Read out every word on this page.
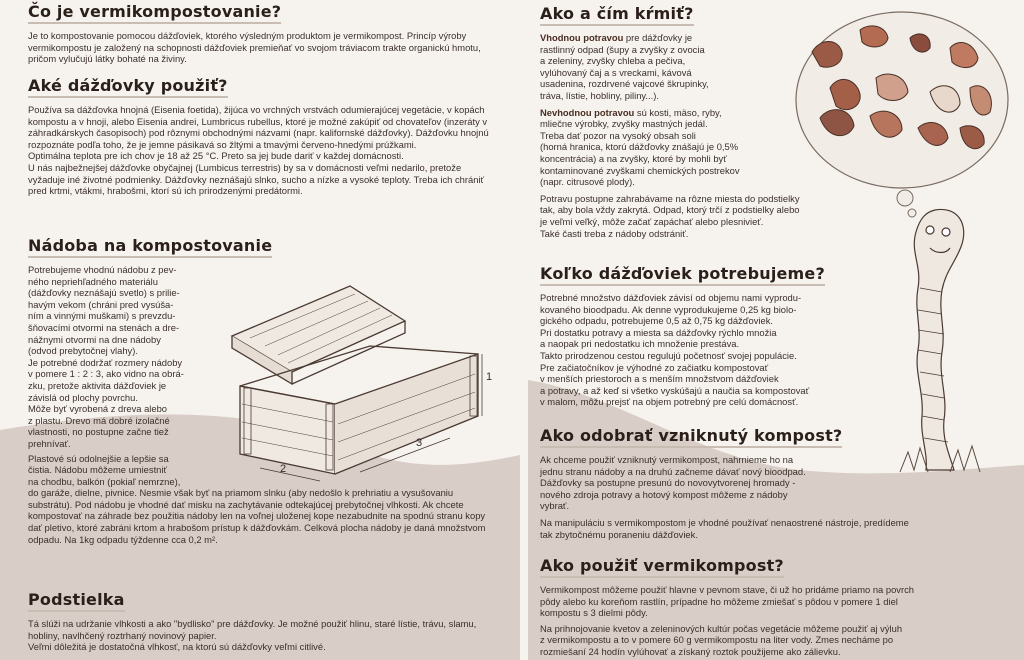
Čo je vermikompostovanie?

Je to kompostovanie pomocou dážďoviek, ktorého výsledným produktom je vermikompost. Princíp výroby vermikompostu je založený na schopnosti dážďoviek premieňať vo svojom tráviacom trakte organickú hmotu, pričom vylučujú látky bohaté na živiny.

Aké dážďovky použiť?

Používa sa dážďovka hnojná (Eisenia foetida), žijúca vo vrchných vrstvách odumierajúcej vegetácie, v kopách kompostu a v hnoji, alebo Eisenia andrei, Lumbricus rubellus, ktoré je možné zakúpiť od chovateľov (inzeráty v záhradkárskych časopisoch) pod rôznymi obchodnými názvami (napr. kalifornské dážďovky). Dážďovku hnojnú rozpoznáte podľa toho, že je jemne pásikavá so žltými a tmavými červeno-hnedými prúžkami.

Optimálna teplota pre ich chov je 18 až 25 °C. Preto sa jej bude dariť v každej domácnosti.

U nás najbežnejšej dážďovke obyčajnej (Lumbicus terrestris) by sa v domácnosti veľmi nedarilo, pretože vyžaduje iné životné podmienky. Dážďovky neznášajú slnko, sucho a nízke a vysoké teploty. Treba ich chrániť pred krtmi, vtákmi, hrabošmi, ktorí sú ich prirodzenými predátormi.

Nádoba na kompostovanie

Potrebujeme vhodnú nádobu z pev-

ného nepriehľadného materiálu

(dážďovky neznášajú svetlo) s prilie-

havým vekom (chráni pred vysúša-

ním a vinnými muškami) s prevzdu-

šňovacími otvormi na stenách a dre-

nážnymi otvormi na dne nádoby

(odvod prebytočnej vlahy).

Je potrebné dodržať rozmery nádoby

v pomere 1 : 2 : 3, ako vidno na obrá-

zku, pretože aktivita dážďoviek je

závislá od plochy povrchu.

Môže byť vyrobená z dreva alebo

z plastu. Drevo má dobré izolačné

vlastnosti, no postupne začne tiež

prehnívať.

Plastové sú odolnejšie a lepšie sa

čistia. Nádobu môžeme umiestniť

na chodbu, balkón (pokiaľ nemrzne),

do garáže, dielne, pivnice. Nesmie však byť na priamom slnku (aby nedošlo k prehriatiu a vysušovaniu substrátu). Pod nádobu je vhodné dať misku na zachytávanie odtekajúcej prebytočnej vlhkosti. Ak chcete kompostovať na záhrade bez použitia nádoby len na voľnej uloženej kope nezabudnite na spodnú stranu kopy dať pletivo, ktoré zabráni krtom a hrabošom prístup k dážďovkám. Celková plocha nádoby je daná množstvom odpadu. Na 1kg odpadu týždenne cca 0,2 m².

1
2
3
Podstielka

Tá slúži na udržanie vlhkosti a ako "bydlisko" pre dážďovky. Je možné použiť hlinu, staré lístie, trávu, slamu, hobliny, navlhčený roztrhaný novinový papier.

Veľmi dôležitá je dostatočná vlhkosť, na ktorú sú dážďovky veľmi citlivé.

Ako a čím kŕmiť?

Vhodnou potravou pre dážďovky je

rastlinný odpad (šupy a zvyšky z ovocia

a zeleniny, zvyšky chleba a pečiva,

vylúhovaný čaj a s vreckami, kávová

usadenina, rozdrvené vajcové škrupinky,

tráva, lístie, hobliny, piliny...).

Nevhodnou potravou sú kosti, mäso, ryby,

mliečne výrobky, zvyšky mastných jedál.

Treba dať pozor na vysoký obsah soli

(horná hranica, ktorú dážďovky znášajú je 0,5%

koncentrácia) a na zvyšky, ktoré by mohli byť

kontaminované zvyškami chemických postrekov

(napr. citrusové plody).

Potravu postupne zahrabávame na rôzne miesta do podstielky

tak, aby bola vždy zakrytá. Odpad, ktorý trčí z podstielky alebo

je veľmi veľký, môže začať zapáchať alebo plesnivieť.

Také časti treba z nádoby odstrániť.

Koľko dážďoviek potrebujeme?

Potrebné množstvo dážďoviek závisí od objemu nami vyprodu-

kovaného bioodpadu. Ak denne vyprodukujeme 0,25 kg biolo-

gického odpadu, potrebujeme 0,5 až 0,75 kg dážďoviek.

Pri dostatku potravy a miesta sa dážďovky rýchlo množia

a naopak pri nedostatku ich množenie prestáva.

Takto prirodzenou cestou regulujú početnosť svojej populácie.

Pre začiatočníkov je výhodné zo začiatku kompostovať

v menších priestoroch a s menším množstvom dážďoviek

a potravy, a až keď si všetko vyskúšajú a naučia sa kompostovať

v malom, môžu prejsť na objem potrebný pre celú domácnosť.

Ako odobrať vzniknutý kompost?

Ak chceme použiť vzniknutý vermikompost, nahrnieme ho na

jednu stranu nádoby a na druhú začneme dávať nový bioodpad.

Dážďovky sa postupne presunú do novovytvorenej hromady -

nového zdroja potravy a hotový kompost môžeme z nádoby

vybrať.

Na manipuláciu s vermikompostom je vhodné používať nenaostrené nástroje, predídeme

tak zbytočnému poraneniu dážďoviek.

Ako použiť vermikompost?

Vermikompost môžeme použiť hlavne v pevnom stave, či už ho pridáme priamo na povrch

pôdy alebo ku koreňom rastlín, prípadne ho môžeme zmiešať s pôdou v pomere 1 diel

kompostu s 3 dielmi pôdy.

Na prihnojovanie kvetov a zeleninových kultúr počas vegetácie môžeme použiť aj výluh

z vermikompostu a to v pomere 60 g vermikompostu na liter vody. Zmes necháme po

rozmiešaní 24 hodín vylúhovať a získaný roztok použijeme ako zálievku.
